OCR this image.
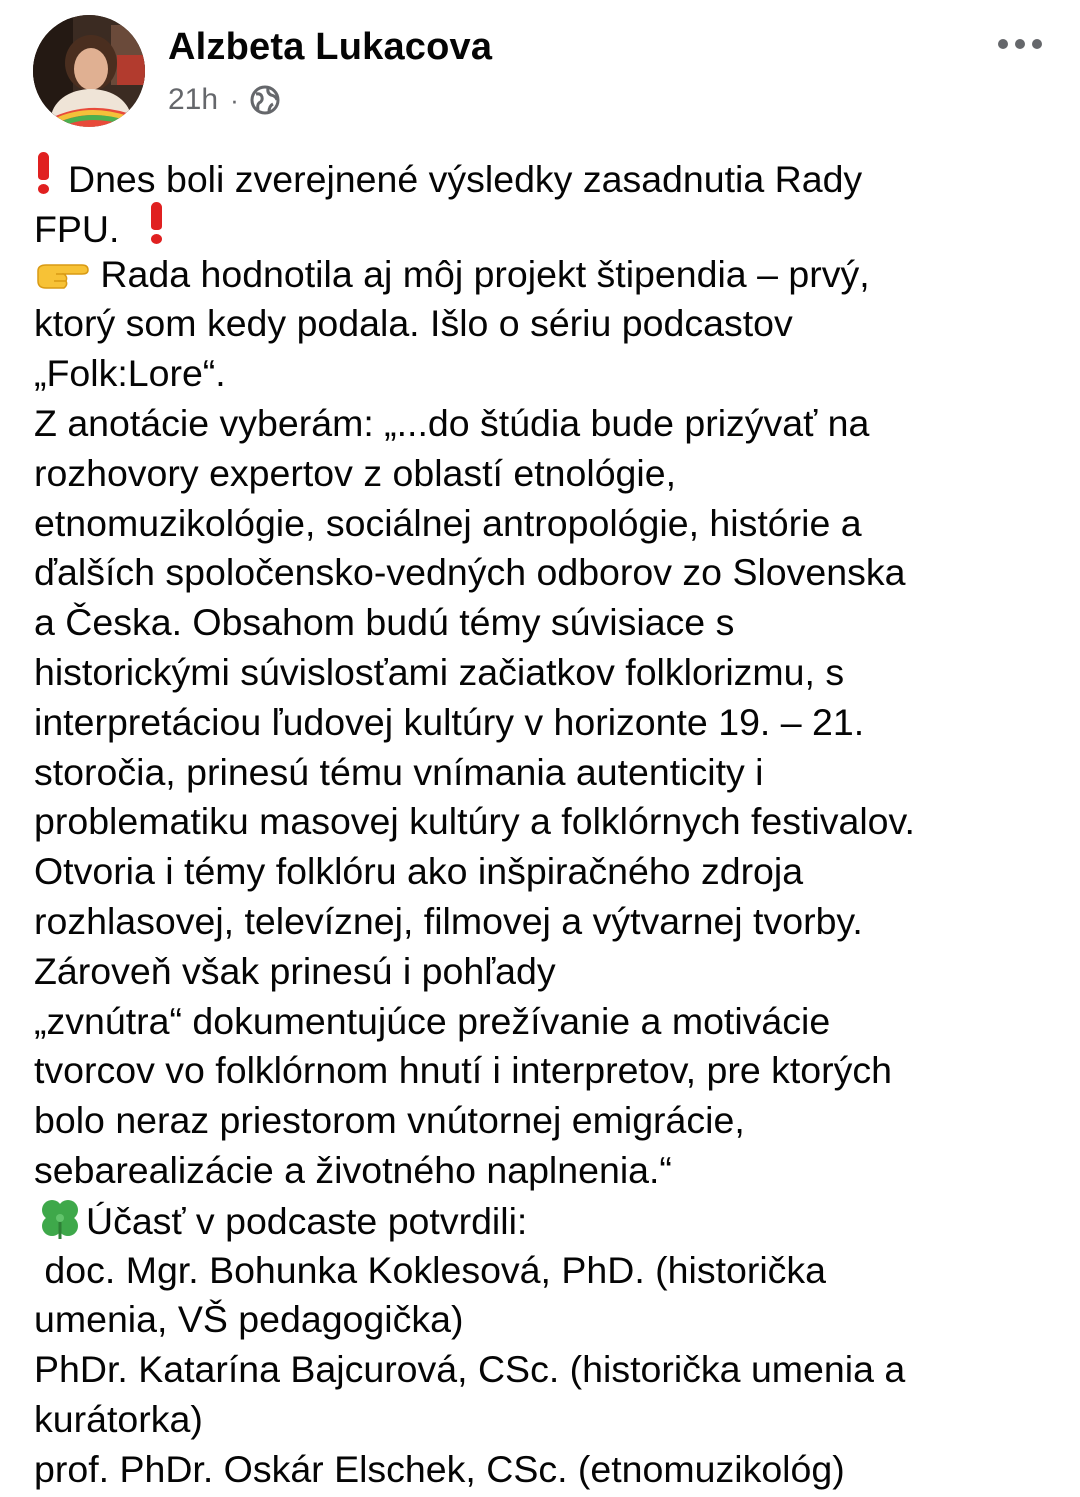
Alzbeta Lukacova
21h ·
Dnes boli zverejnené výsledky zasadnutia Rady
FPU.
Rada hodnotila aj môj projekt štipendia – prvý,
ktorý som kedy podala. Išlo o sériu podcastov
„Folk:Lore“.
Z anotácie vyberám: „...do štúdia bude prizývať na
rozhovory expertov z oblastí etnológie,
etnomuzikológie, sociálnej antropológie, histórie a
ďalších spoločensko-vedných odborov zo Slovenska
a Česka. Obsahom budú témy súvisiace s
historickými súvislosťami začiatkov folklorizmu, s
interpretáciou ľudovej kultúry v horizonte 19. – 21.
storočia, prinesú tému vnímania autenticity i
problematiku masovej kultúry a folklórnych festivalov.
Otvoria i témy folklóru ako inšpiračného zdroja
rozhlasovej, televíznej, filmovej a výtvarnej tvorby.
Zároveň však prinesú i pohľady
„zvnútra“ dokumentujúce prežívanie a motivácie
tvorcov vo folklórnom hnutí i interpretov, pre ktorých
bolo neraz priestorom vnútornej emigrácie,
sebarealizácie a životného naplnenia.“
Účasť v podcaste potvrdili:
doc. Mgr. Bohunka Koklesová, PhD. (historička
umenia, VŠ pedagogička)
PhDr. Katarína Bajcurová, CSc. (historička umenia a
kurátorka)
prof. PhDr. Oskár Elschek, CSc. (etnomuzikológ)
